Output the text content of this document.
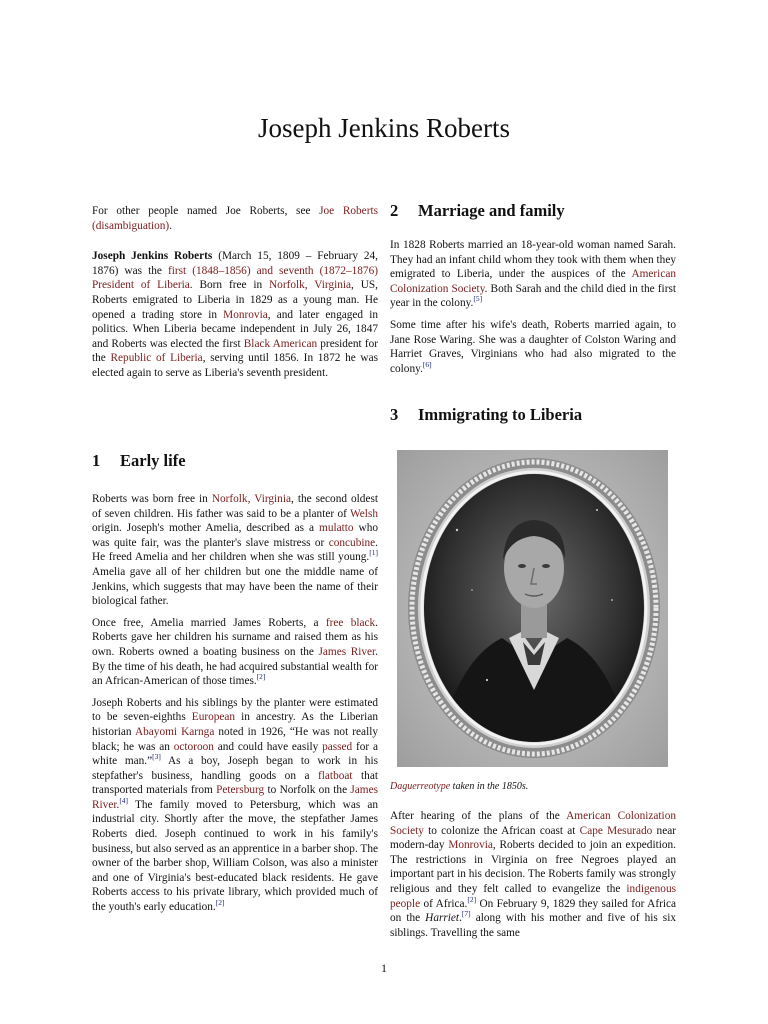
Joseph Jenkins Roberts

For other people named Joe Roberts, see Joe Roberts (disambiguation).

Joseph Jenkins Roberts (March 15, 1809 – February 24, 1876) was the first (1848–1856) and seventh (1872–1876) President of Liberia. Born free in Norfolk, Virginia, US, Roberts emigrated to Liberia in 1829 as a young man. He opened a trading store in Monrovia, and later engaged in politics. When Liberia became independent in July 26, 1847 and Roberts was elected the first Black American president for the Republic of Liberia, serving until 1856. In 1872 he was elected again to serve as Liberia's seventh president.

1 Early life

Roberts was born free in Norfolk, Virginia, the second oldest of seven children. His father was said to be a planter of Welsh origin. Joseph's mother Amelia, described as a mulatto who was quite fair, was the planter's slave mistress or concubine. He freed Amelia and her children when she was still young.[1] Amelia gave all of her children but one the middle name of Jenkins, which suggests that may have been the name of their biological father.

Once free, Amelia married James Roberts, a free black. Roberts gave her children his surname and raised them as his own. Roberts owned a boating business on the James River. By the time of his death, he had acquired substantial wealth for an African-American of those times.[2]

Joseph Roberts and his siblings by the planter were estimated to be seven-eighths European in ancestry. As the Liberian historian Abayomi Karnga noted in 1926, “He was not really black; he was an octoroon and could have easily passed for a white man.”[3] As a boy, Joseph began to work in his stepfather's business, handling goods on a flatboat that transported materials from Petersburg to Norfolk on the James River.[4] The family moved to Petersburg, which was an industrial city. Shortly after the move, the stepfather James Roberts died. Joseph continued to work in his family's business, but also served as an apprentice in a barber shop. The owner of the barber shop, William Colson, was also a minister and one of Virginia's best-educated black residents. He gave Roberts access to his private library, which provided much of the youth's early education.[2]

2 Marriage and family

In 1828 Roberts married an 18-year-old woman named Sarah. They had an infant child whom they took with them when they emigrated to Liberia, under the auspices of the American Colonization Society. Both Sarah and the child died in the first year in the colony.[5]

Some time after his wife's death, Roberts married again, to Jane Rose Waring. She was a daughter of Colston Waring and Harriet Graves, Virginians who had also migrated to the colony.[6]

3 Immigrating to Liberia
Daguerreotype taken in the 1850s.

After hearing of the plans of the American Colonization Society to colonize the African coast at Cape Mesurado near modern-day Monrovia, Roberts decided to join an expedition. The restrictions in Virginia on free Negroes played an important part in his decision. The Roberts family was strongly religious and they felt called to evangelize the indigenous people of Africa.[2] On February 9, 1829 they sailed for Africa on the Harriet.[7] along with his mother and five of his six siblings. Travelling the same

1
